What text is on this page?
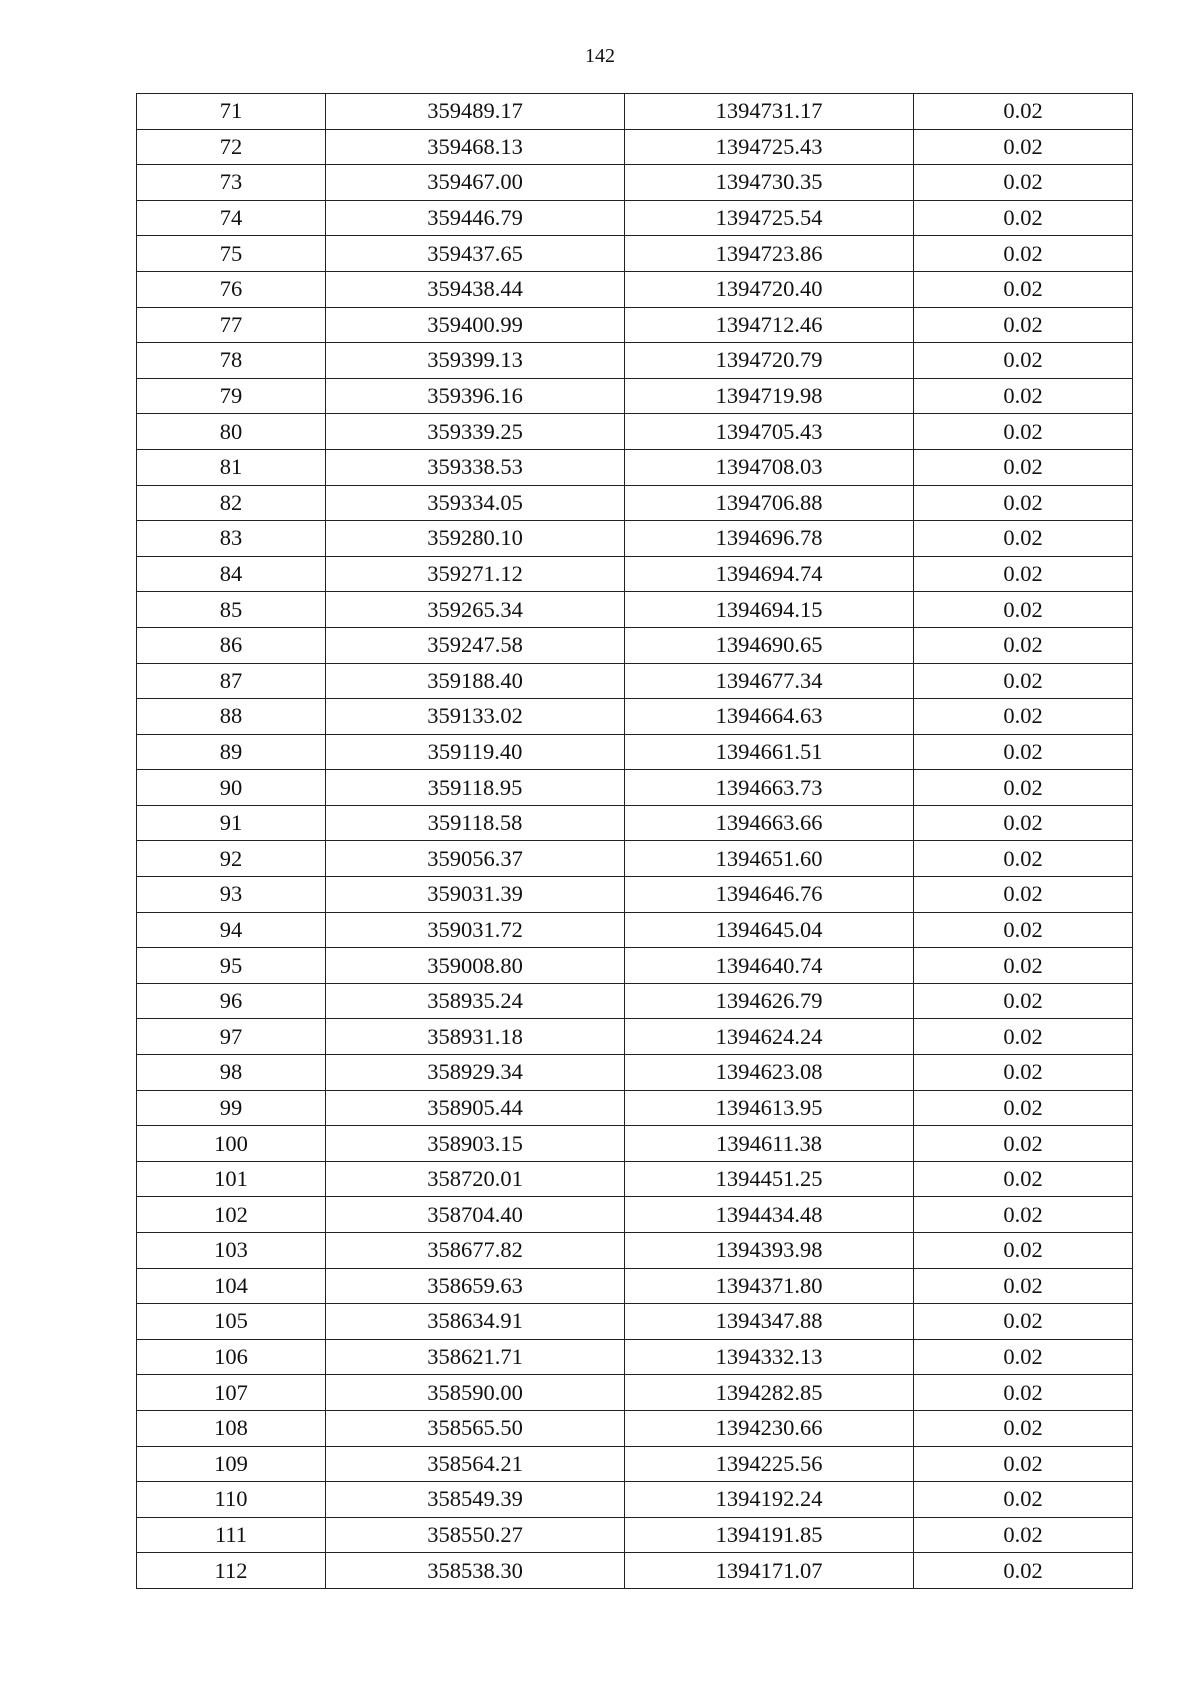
142
71	359489.17	1394731.17	0.02
72	359468.13	1394725.43	0.02
73	359467.00	1394730.35	0.02
74	359446.79	1394725.54	0.02
75	359437.65	1394723.86	0.02
76	359438.44	1394720.40	0.02
77	359400.99	1394712.46	0.02
78	359399.13	1394720.79	0.02
79	359396.16	1394719.98	0.02
80	359339.25	1394705.43	0.02
81	359338.53	1394708.03	0.02
82	359334.05	1394706.88	0.02
83	359280.10	1394696.78	0.02
84	359271.12	1394694.74	0.02
85	359265.34	1394694.15	0.02
86	359247.58	1394690.65	0.02
87	359188.40	1394677.34	0.02
88	359133.02	1394664.63	0.02
89	359119.40	1394661.51	0.02
90	359118.95	1394663.73	0.02
91	359118.58	1394663.66	0.02
92	359056.37	1394651.60	0.02
93	359031.39	1394646.76	0.02
94	359031.72	1394645.04	0.02
95	359008.80	1394640.74	0.02
96	358935.24	1394626.79	0.02
97	358931.18	1394624.24	0.02
98	358929.34	1394623.08	0.02
99	358905.44	1394613.95	0.02
100	358903.15	1394611.38	0.02
101	358720.01	1394451.25	0.02
102	358704.40	1394434.48	0.02
103	358677.82	1394393.98	0.02
104	358659.63	1394371.80	0.02
105	358634.91	1394347.88	0.02
106	358621.71	1394332.13	0.02
107	358590.00	1394282.85	0.02
108	358565.50	1394230.66	0.02
109	358564.21	1394225.56	0.02
110	358549.39	1394192.24	0.02
111	358550.27	1394191.85	0.02
112	358538.30	1394171.07	0.02
